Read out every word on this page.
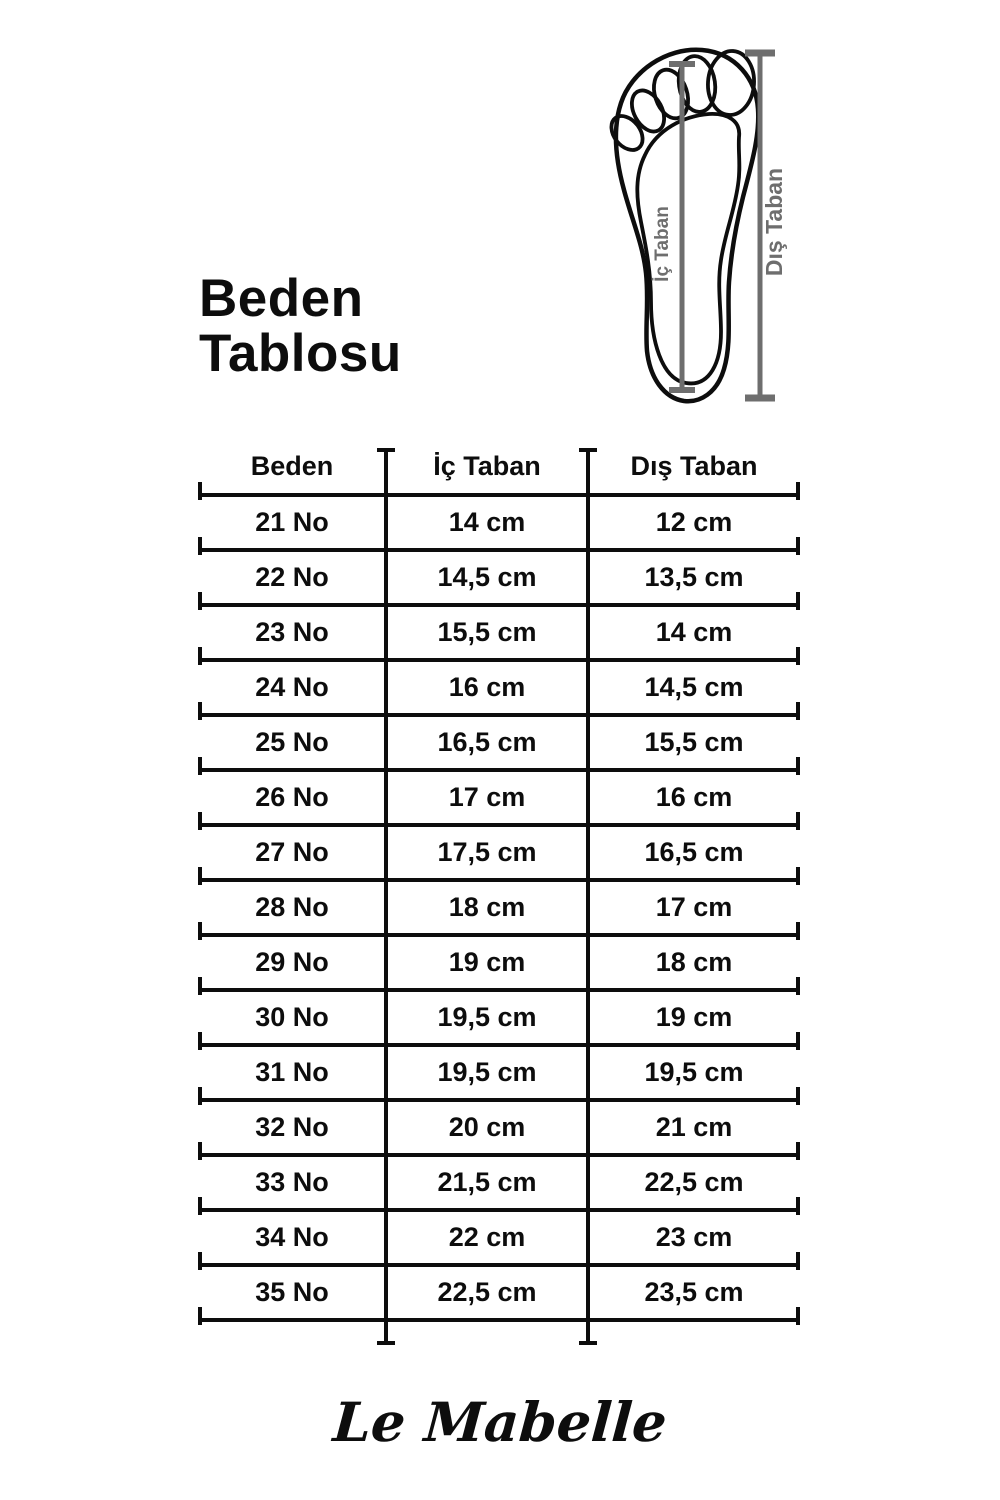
Beden
Tablosu
İç Taban	Dış Taban
Beden	İç Taban	Dış Taban
21 No	14 cm	12 cm
22 No	14,5 cm	13,5 cm
23 No	15,5 cm	14 cm
24 No	16 cm	14,5 cm
25 No	16,5 cm	15,5 cm
26 No	17 cm	16 cm
27 No	17,5 cm	16,5 cm
28 No	18 cm	17 cm
29 No	19 cm	18 cm
30 No	19,5 cm	19 cm
31 No	19,5 cm	19,5 cm
32 No	20 cm	21 cm
33 No	21,5 cm	22,5 cm
34 No	22 cm	23 cm
35 No	22,5 cm	23,5 cm
Le Mabelle
